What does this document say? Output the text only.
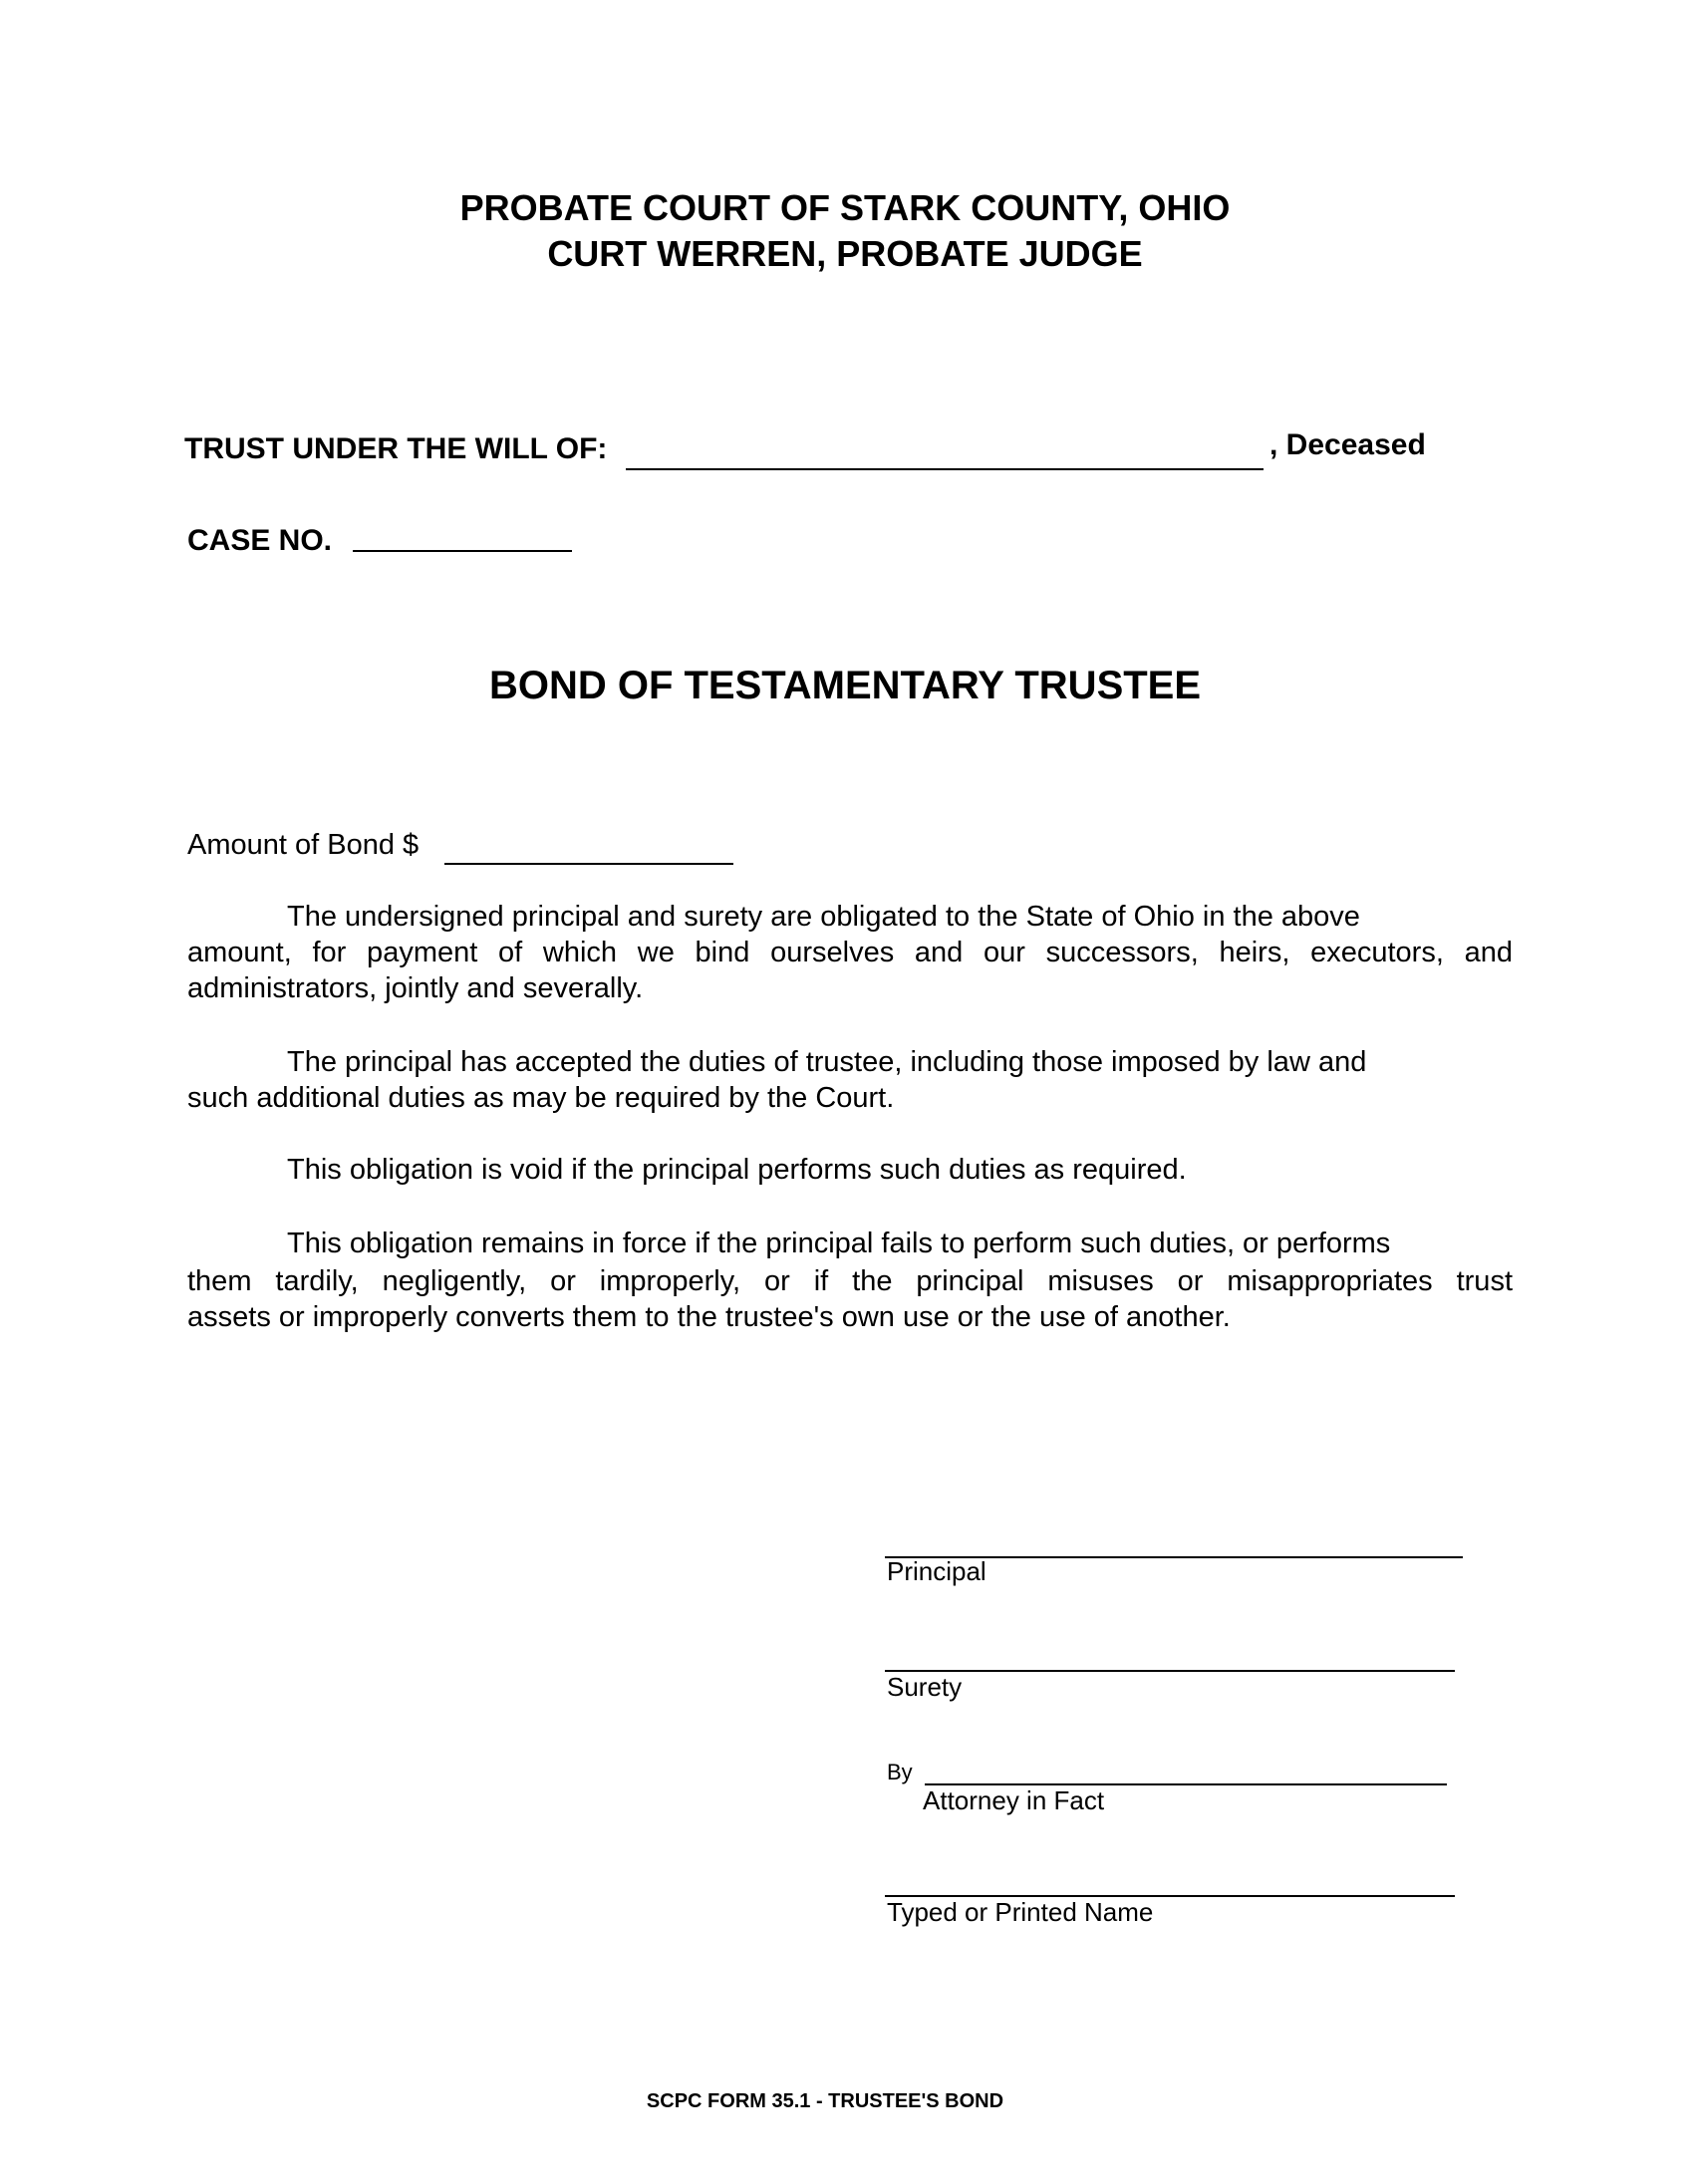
PROBATE COURT OF STARK COUNTY, OHIO
CURT WERREN, PROBATE JUDGE
TRUST UNDER THE WILL OF:	, Deceased
CASE NO.
BOND OF TESTAMENTARY TRUSTEE
Amount of Bond $
The undersigned principal and surety are obligated to the State of Ohio in the above
amount, for payment of which we bind ourselves and our successors, heirs, executors, and
administrators, jointly and severally.
The principal has accepted the duties of trustee, including those imposed by law and
such additional duties as may be required by the Court.
This obligation is void if the principal performs such duties as required.
This obligation remains in force if the principal fails to perform such duties, or performs
them tardily, negligently, or improperly, or if the principal misuses or misappropriates trust
assets or improperly converts them to the trustee's own use or the use of another.
Principal
Surety
By
Attorney in Fact
Typed or Printed Name
SCPC FORM 35.1 - TRUSTEE'S BOND
